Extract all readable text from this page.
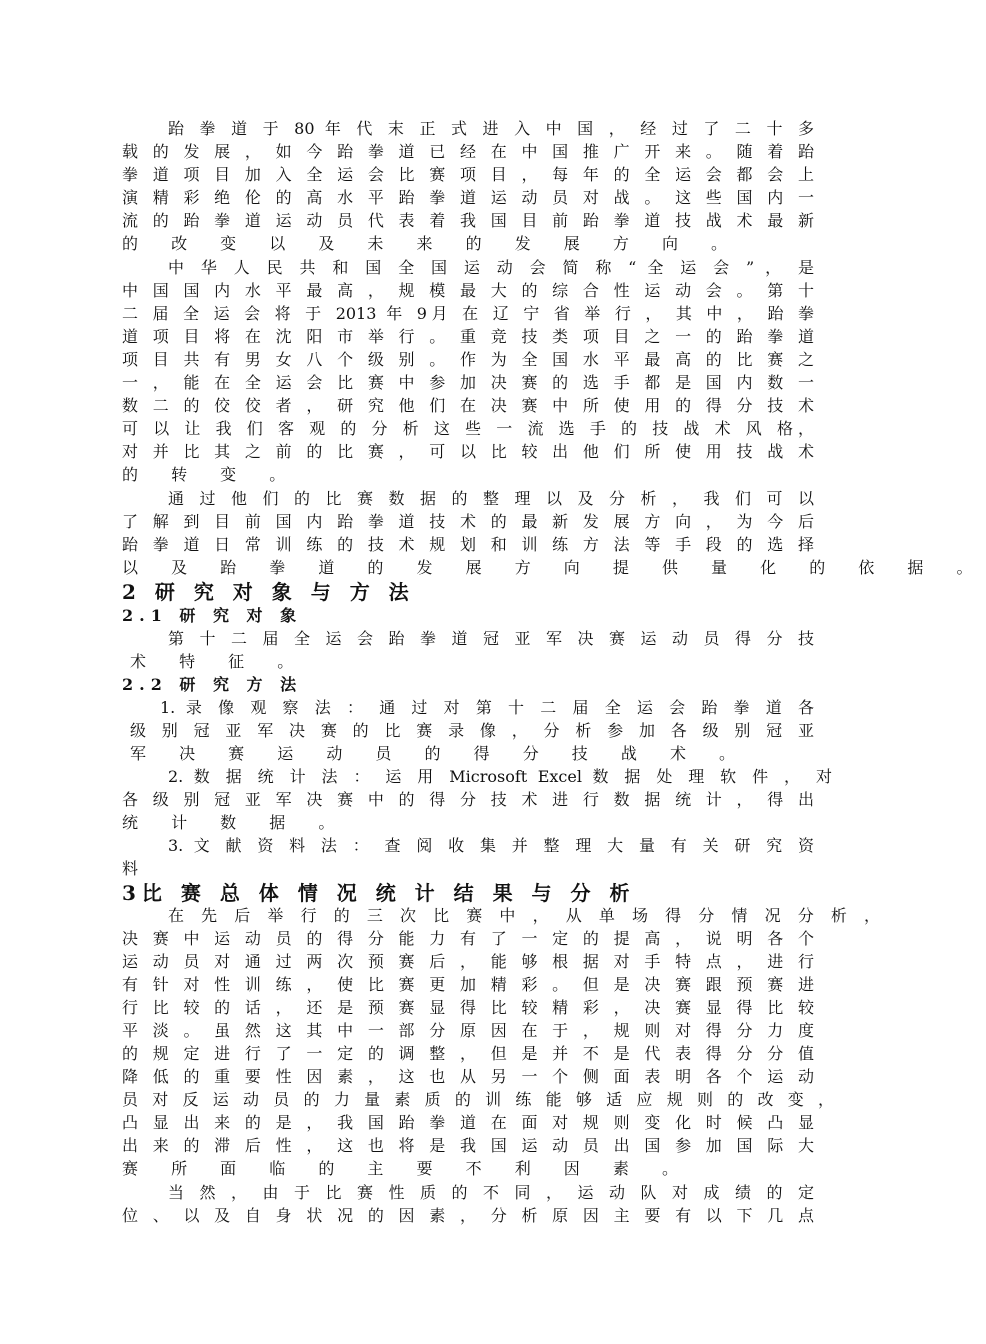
跆 拳 道 于 80 年 代 末 正 式 进 入 中 国 ， 经 过 了 二 十 多
载 的 发 展 ， 如 今 跆 拳 道 已 经 在 中 国 推 广 开 来 。 随 着 跆
拳 道 项 目 加 入 全 运 会 比 赛 项 目 ， 每 年 的 全 运 会 都 会 上
演 精 彩 绝 伦 的 高 水 平 跆 拳 道 运 动 员 对 战 。 这 些 国 内 一
流 的 跆 拳 道 运 动 员 代 表 着 我 国 目 前 跆 拳 道 技 战 术 最 新
的 改 变 以 及 未 来 的 发 展 方 向 。
中 华 人 民 共 和 国 全 国 运 动 会 简 称 “ 全 运 会 ” ， 是
中 国 国 内 水 平 最 高 ， 规 模 最 大 的 综 合 性 运 动 会 。 第 十
二 届 全 运 会 将 于 2013 年 9月 在 辽 宁 省 举 行 ， 其 中 ， 跆 拳
道 项 目 将 在 沈 阳 市 举 行 。 重 竞 技 类 项 目 之 一 的 跆 拳 道
项 目 共 有 男 女 八 个 级 别 。 作 为 全 国 水 平 最 高 的 比 赛 之
一 ， 能 在 全 运 会 比 赛 中 参 加 决 赛 的 选 手 都 是 国 内 数 一
数 二 的 佼 佼 者 ， 研 究 他 们 在 决 赛 中 所 使 用 的 得 分 技 术
可 以 让 我 们 客 观 的 分 析 这 些 一 流 选 手 的 技 战 术 风 格，
对 并 比 其 之 前 的 比 赛 ， 可 以 比 较 出 他 们 所 使 用 技 战 术
的 转 变 。
通 过 他 们 的 比 赛 数 据 的 整 理 以 及 分 析 ， 我 们 可 以
了 解 到 目 前 国 内 跆 拳 道 技 术 的 最 新 发 展 方 向 ， 为 今 后
跆 拳 道 日 常 训 练 的 技 术 规 划 和 训 练 方 法 等 手 段 的 选 择
以 及 跆 拳 道 的 发 展 方 向 提 供 量 化 的 依 据 。
2 研 究 对 象 与 方 法
2.1 研 究 对 象
第 十 二 届 全 运 会 跆 拳 道 冠 亚 军 决 赛 运 动 员 得 分 技
术 特 征 。
2.2 研 究 方 法
1. 录 像 观 察 法 ： 通 过 对 第 十 二 届 全 运 会 跆 拳 道 各
级 别 冠 亚 军 决 赛 的 比 赛 录 像 ， 分 析 参 加 各 级 别 冠 亚
军 决 赛 运 动 员 的 得 分 技 战 术 。
2. 数 据 统 计 法 ： 运 用 Microsoft Excel 数 据 处 理 软 件 ， 对
各 级 别 冠 亚 军 决 赛 中 的 得 分 技 术 进 行 数 据 统 计 ， 得 出
统 计 数 据 。
3. 文 献 资 料 法 ： 查 阅 收 集 并 整 理 大 量 有 关 研 究 资
料
3比 赛 总 体 情 况 统 计 结 果 与 分 析
在 先 后 举 行 的 三 次 比 赛 中 ， 从 单 场 得 分 情 况 分 析 ，
决 赛 中 运 动 员 的 得 分 能 力 有 了 一 定 的 提 高 ， 说 明 各 个
运 动 员 对 通 过 两 次 预 赛 后 ， 能 够 根 据 对 手 特 点 ， 进 行
有 针 对 性 训 练 ， 使 比 赛 更 加 精 彩 。 但 是 决 赛 跟 预 赛 进
行 比 较 的 话 ， 还 是 预 赛 显 得 比 较 精 彩 ， 决 赛 显 得 比 较
平 淡 。 虽 然 这 其 中 一 部 分 原 因 在 于 ， 规 则 对 得 分 力 度
的 规 定 进 行 了 一 定 的 调 整 ， 但 是 并 不 是 代 表 得 分 分 值
降 低 的 重 要 性 因 素 ， 这 也 从 另 一 个 侧 面 表 明 各 个 运 动
员 对 反 运 动 员 的 力 量 素 质 的 训 练 能 够 适 应 规 则 的 改 变 ，
凸 显 出 来 的 是 ， 我 国 跆 拳 道 在 面 对 规 则 变 化 时 候 凸 显
出 来 的 滞 后 性 ， 这 也 将 是 我 国 运 动 员 出 国 参 加 国 际 大
赛 所 面 临 的 主 要 不 利 因 素 。
当 然 ， 由 于 比 赛 性 质 的 不 同 ， 运 动 队 对 成 绩 的 定
位 、 以 及 自 身 状 况 的 因 素 ， 分 析 原 因 主 要 有 以 下 几 点
